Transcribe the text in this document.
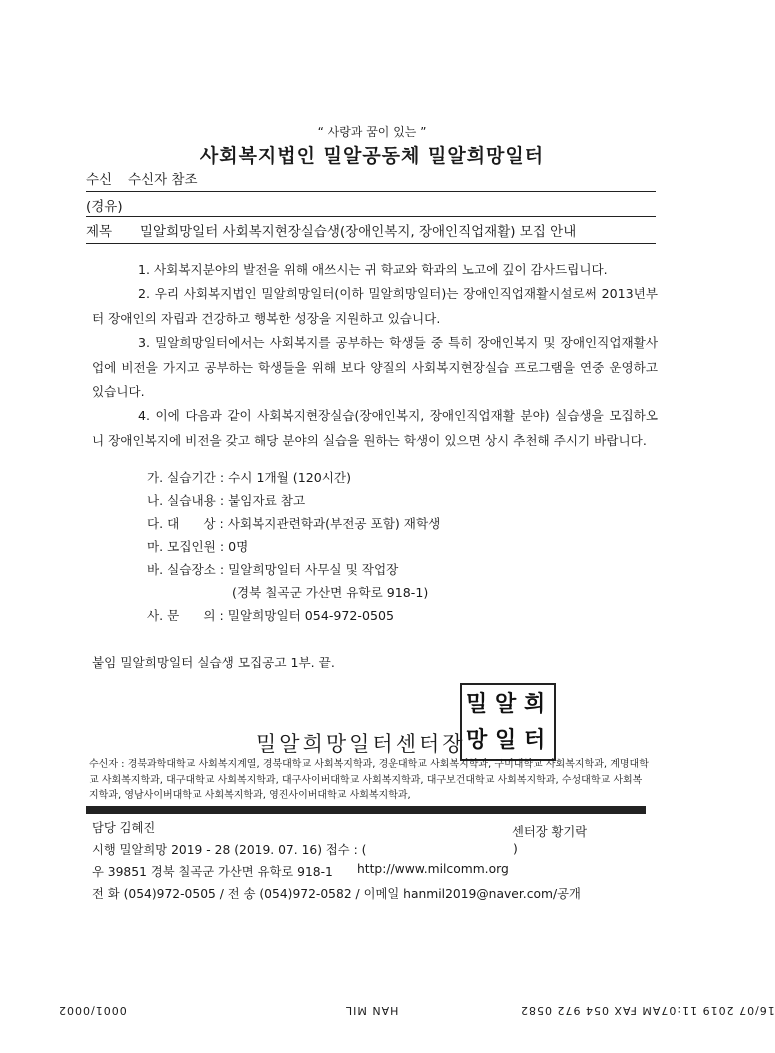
“ 사랑과 꿈이 있는 ”
사회복지법인 밀알공동체 밀알희망일터
수신 수신자 참조
(경유)
제목 밀알희망일터 사회복지현장실습생(장애인복지, 장애인직업재활) 모집 안내
1. 사회복지분야의 발전을 위해 애쓰시는 귀 학교와 학과의 노고에 깊이 감사드립니다.
2. 우리 사회복지법인 밀알희망일터(이하 밀알희망일터)는 장애인직업재활시설로써 2013년부터 장애인의 자립과 건강하고 행복한 성장을 지원하고 있습니다.
3. 밀알희망일터에서는 사회복지를 공부하는 학생들 중 특히 장애인복지 및 장애인직업재활사업에 비전을 가지고 공부하는 학생들을 위해 보다 양질의 사회복지현장실습 프로그램을 연중 운영하고 있습니다.
4. 이에 다음과 같이 사회복지현장실습(장애인복지, 장애인직업재활 분야) 실습생을 모집하오니 장애인복지에 비전을 갖고 해당 분야의 실습을 원하는 학생이 있으면 상시 추천해 주시기 바랍니다.
가. 실습기간 : 수시 1개월 (120시간)
나. 실습내용 : 붙임자료 참고
다. 대      상 : 사회복지관련학과(부전공 포함) 재학생
마. 모집인원 : 0명
바. 실습장소 : 밀알희망일터 사무실 및 작업장
(경북 칠곡군 가산면 유학로 918-1)
사. 문      의 : 밀알희망일터 054-972-0505
붙임 밀알희망일터 실습생 모집공고 1부. 끝.
밀알희망일터센터장
밀 알 희
망 일 터
수신자 : 경북과학대학교 사회복지계열, 경북대학교 사회복지학과, 경운대학교 사회복지학과, 구미대학교 사회복지학과, 계명대학교 사회복지학과, 대구대학교 사회복지학과, 대구사이버대학교 사회복지학과, 대구보건대학교 사회복지학과, 수성대학교 사회복지학과, 영남사이버대학교 사회복지학과, 영진사이버대학교 사회복지학과,
담당 김혜진	센터장 황기락
시행 밀알희망 2019 - 28 (2019. 07. 16) 접수 : (	)
우 39851 경북 칠곡군 가산면 유학로 918-1 http://www.milcomm.org
전 화 (054)972-0505 / 전 송 (054)972-0582 / 이메일 hanmil2019@naver.com/공개
16/07 2019 11:07AM FAX 054 972 0582
HAN MIL
0001/0002
